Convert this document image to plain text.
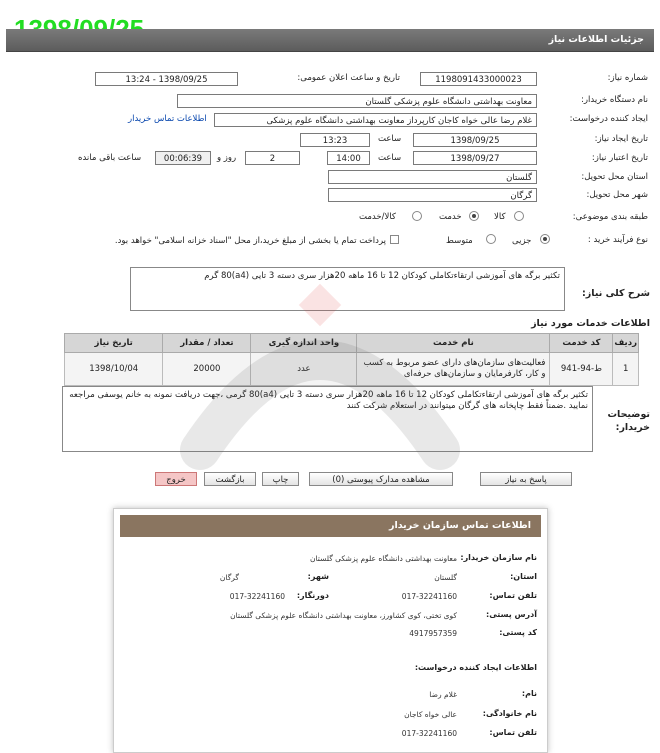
جزئیات اطلاعات نیاز
شماره نیاز:
1198091433000023
تاریخ و ساعت اعلان عمومی:
1398/09/25 - 13:24
نام دستگاه خریدار:
معاونت بهداشتی دانشگاه علوم پزشکی گلستان
ایجاد کننده درخواست:
غلام رضا عالی خواه کاجان کارپرداز معاونت بهداشتی دانشگاه علوم پزشکی
اطلاعات تماس خریدار
تاریخ ایجاد نیاز:
1398/09/25
ساعت
13:23
تاریخ اعتبار نیاز:
1398/09/27
ساعت
14:00
2
روز و
00:06:39
ساعت باقی مانده
استان محل تحویل:
گلستان
شهر محل تحویل:
گرگان
طبقه بندی موضوعی:
کالا
خدمت
کالا/خدمت
نوع فرآیند خرید :
جزیی
متوسط
پرداخت تمام یا بخشی از مبلغ خرید،از محل "اسناد خزانه اسلامی" خواهد بود.
شرح کلی نیاز:
تکثیر برگه های آموزشی ارتقاءتکاملی کودکان 12 تا 16 ماهه 20هزار سری دسته 3 تایی (a4)80 گرم
اطلاعات خدمات مورد نیاز
ردیف	کد خدمت	نام خدمت	واحد اندازه گیری	تعداد / مقدار	تاریخ نیاز
1	ط-94-941	فعالیت‌های سازمان‌های دارای عضو مربوط به کسب و کار، کارفرمایان و سازمان‌های حرفه‌ای	عدد	20000	1398/10/04
توضیحات خریدار:
تکثیر برگه های آموزشی ارتقاءتکاملی کودکان 12 تا 16 ماهه 20هزار سری دسته 3 تایی (a4)80 گرمی ،جهت دریافت نمونه به خانم یوسفی مراجعه نمایید .ضمناً فقط چاپخانه های گرگان میتوانند در استعلام شرکت کنند
پاسخ به نیاز
مشاهده مدارک پیوستی (0)
چاپ
بازگشت
خروج
اطلاعات تماس سازمان خریدار
نام سازمان خریدار:
معاونت بهداشتی دانشگاه علوم پزشکی گلستان
استان:
گلستان
شهر:
گرگان
تلفن تماس:
017-32241160
دورنگار:
017-32241160
آدرس پستی:
کوی تختی، کوی کشاورز، معاونت بهداشتی دانشگاه علوم پزشکی گلستان
کد پستی:
4917957359
اطلاعات ایجاد کننده درخواست:
نام:
غلام رضا
نام خانوادگی:
عالی خواه کاجان
تلفن تماس:
017-32241160
